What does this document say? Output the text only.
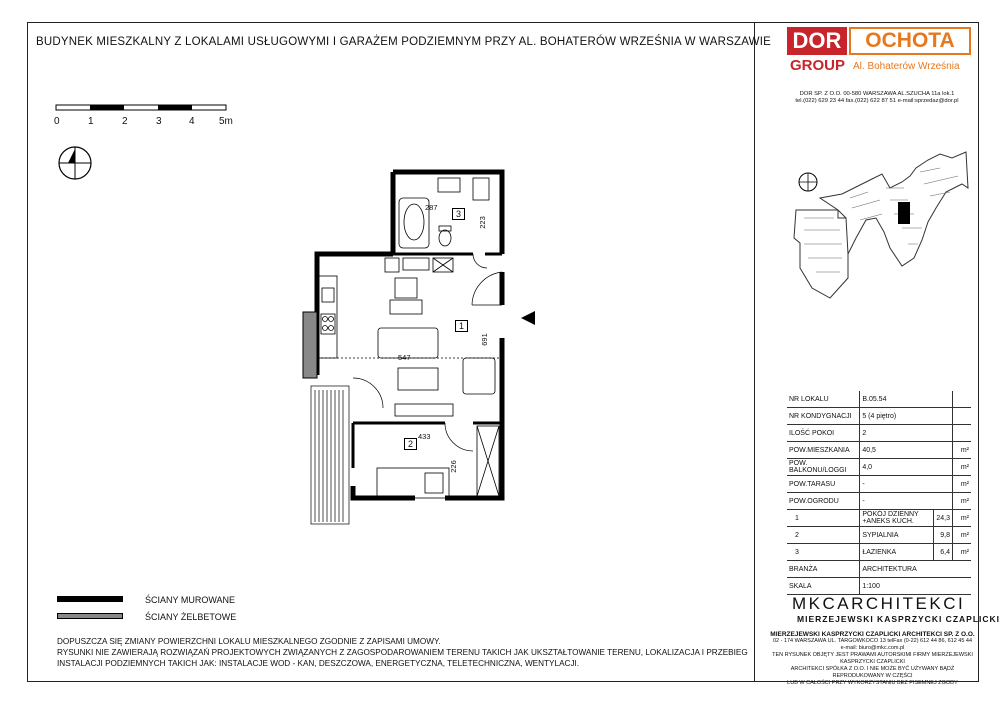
BUDYNEK MIESZKALNY Z LOKALAMI USŁUGOWYMI I GARAŻEM PODZIEMNYM PRZY AL. BOHATERÓW WRZEŚNIA W WARSZAWIE
0	1	2	3	4 5m
1
2
3
547
691
433
226
287
223
ŚCIANY MUROWANE
ŚCIANY ŻELBETOWE
DOPUSZCZA SIĘ ZMIANY POWIERZCHNI LOKALU MIESZKALNEGO ZGODNIE Z ZAPISAMI UMOWY.
RYSUNKI NIE ZAWIERAJĄ ROZWIĄZAŃ PROJEKTOWYCH ZWIĄZANYCH Z ZAGOSPODAROWANIEM TERENU TAKICH JAK UKSZTAŁTOWANIE TERENU, LOKALIZACJA I PRZEBIEG
INSTALACJI PODZIEMNYCH TAKICH JAK: INSTALACJE WOD - KAN, DESZCZOWA, ENERGETYCZNA, TELETECHNICZNA, WENTYLACJI.
DOR	OCHOTA
GROUP Al. Bohaterów Września
DOR SP. Z O.O. 00-580 WARSZAWA AL.SZUCHA 11a lok.1
tel.(022) 629 23 44 fax.(022) 622 87 51 e-mail:sprzedaz@dor.pl
NR LOKALU	B.05.54		
NR KONDYGNACJI	5 (4 piętro)		
ILOŚĆ POKOI	2		
POW.MIESZKANIA	40,5		m²
POW. BALKONU/LOGGI	4,0		m²
POW.TARASU	-		m²
POW.OGRODU	-		m²
1	POKÓJ DZIENNY +ANEKS KUCH.	24,3	m²
2	SYPIALNIA	9,8	m²
3	ŁAZIENKA	6,4	m²
BRANŻA	ARCHITEKTURA		
SKALA	1:100		
MKCARCHITEKCI
MIERZEJEWSKI KASPRZYCKI CZAPLICKI
MIERZEJEWSKI KASPRZYCKI CZAPLICKI ARCHITEKCI SP. Z O.O.
02 - 174 WARSZAWA UL. TARGOWKOCO 13 telFax (0-22) 612 44 86, 612 45 44 e-mail: biuro@mkc.com.pl
TEN RYSUNEK OBJĘTY JEST PRAWAMI AUTORSKIMI FIRMY MIERZEJEWSKI KASPRZYCKI CZAPLICKI
ARCHITEKCI SPÓŁKA Z O.O. I NIE MOŻE BYĆ UŻYWANY BĄDŹ REPRODUKOWANY W CZĘŚCI
LUB W CAŁOŚCI PRZY WYKORZYSTANIU BEZ PISEMNEJ ZGODY
